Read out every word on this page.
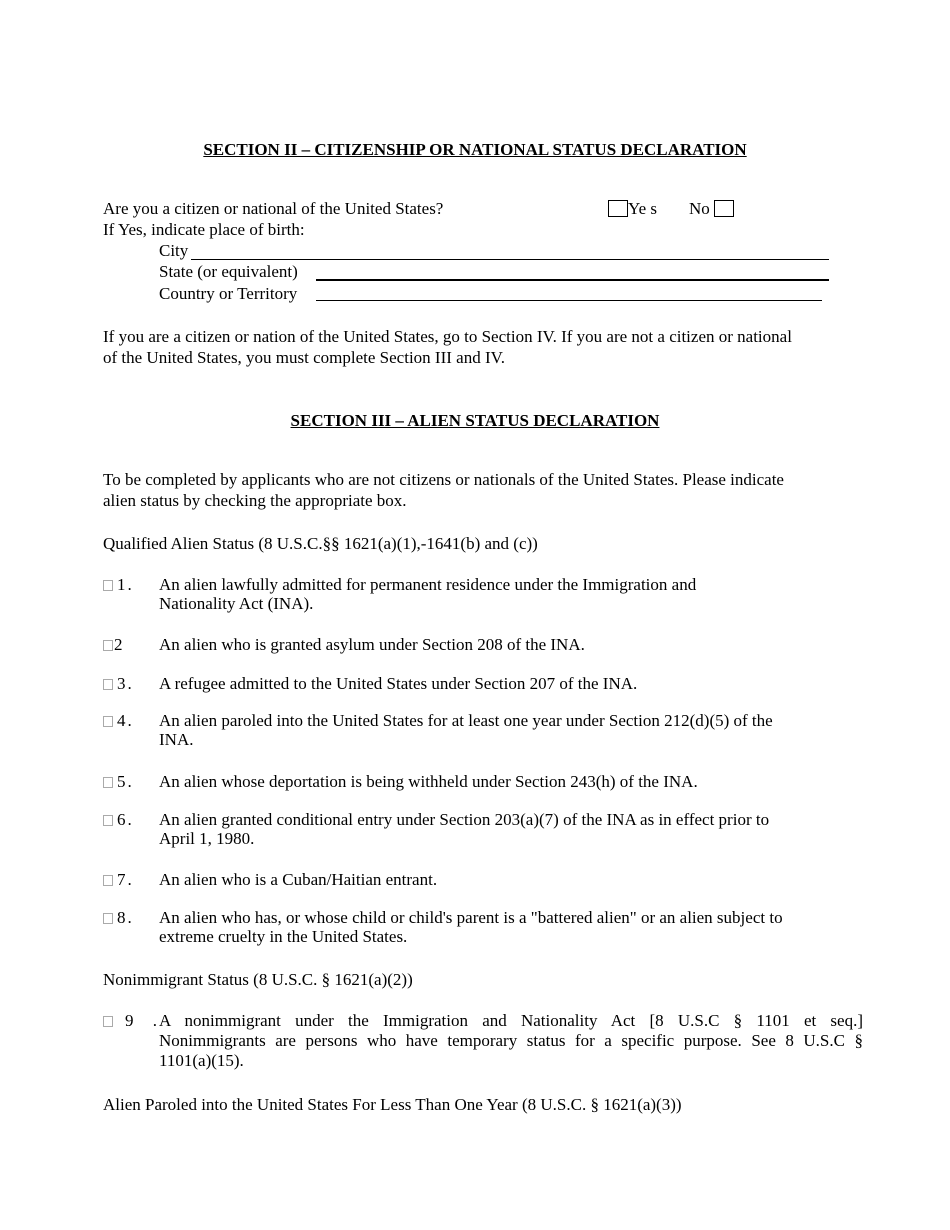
SECTION II – CITIZENSHIP OR NATIONAL STATUS DECLARATION
Are you a citizen or national of the United States?	Ye s No
If Yes, indicate place of birth:
City
State (or equivalent)
Country or Territory
If you are a citizen or nation of the United States, go to Section IV. If you are not a citizen or national
of the United States, you must complete Section III and IV.
SECTION III – ALIEN STATUS DECLARATION
To be completed by applicants who are not citizens or nationals of the United States. Please indicate
alien status by checking the appropriate box.
Qualified Alien Status (8 U.S.C.§§ 1621(a)(1),-1641(b) and (c))
1. An alien lawfully admitted for permanent residence under the Immigration and
Nationality Act (INA).
2 An alien who is granted asylum under Section 208 of the INA.
3. A refugee admitted to the United States under Section 207 of the INA.
4. An alien paroled into the United States for at least one year under Section 212(d)(5) of the
INA.
5. An alien whose deportation is being withheld under Section 243(h) of the INA.
6. An alien granted conditional entry under Section 203(a)(7) of the INA as in effect prior to
April 1, 1980.
7. An alien who is a Cuban/Haitian entrant.
8. An alien who has, or whose child or child's parent is a "battered alien" or an alien subject to
extreme cruelty in the United States.
Nonimmigrant Status (8 U.S.C. § 1621(a)(2))
9 . A nonimmigrant under the Immigration and Nationality Act [8 U.S.C § 1101 et seq.]
Nonimmigrants are persons who have temporary status for a specific purpose. See 8 U.S.C §
1101(a)(15).
Alien Paroled into the United States For Less Than One Year (8 U.S.C. § 1621(a)(3))
